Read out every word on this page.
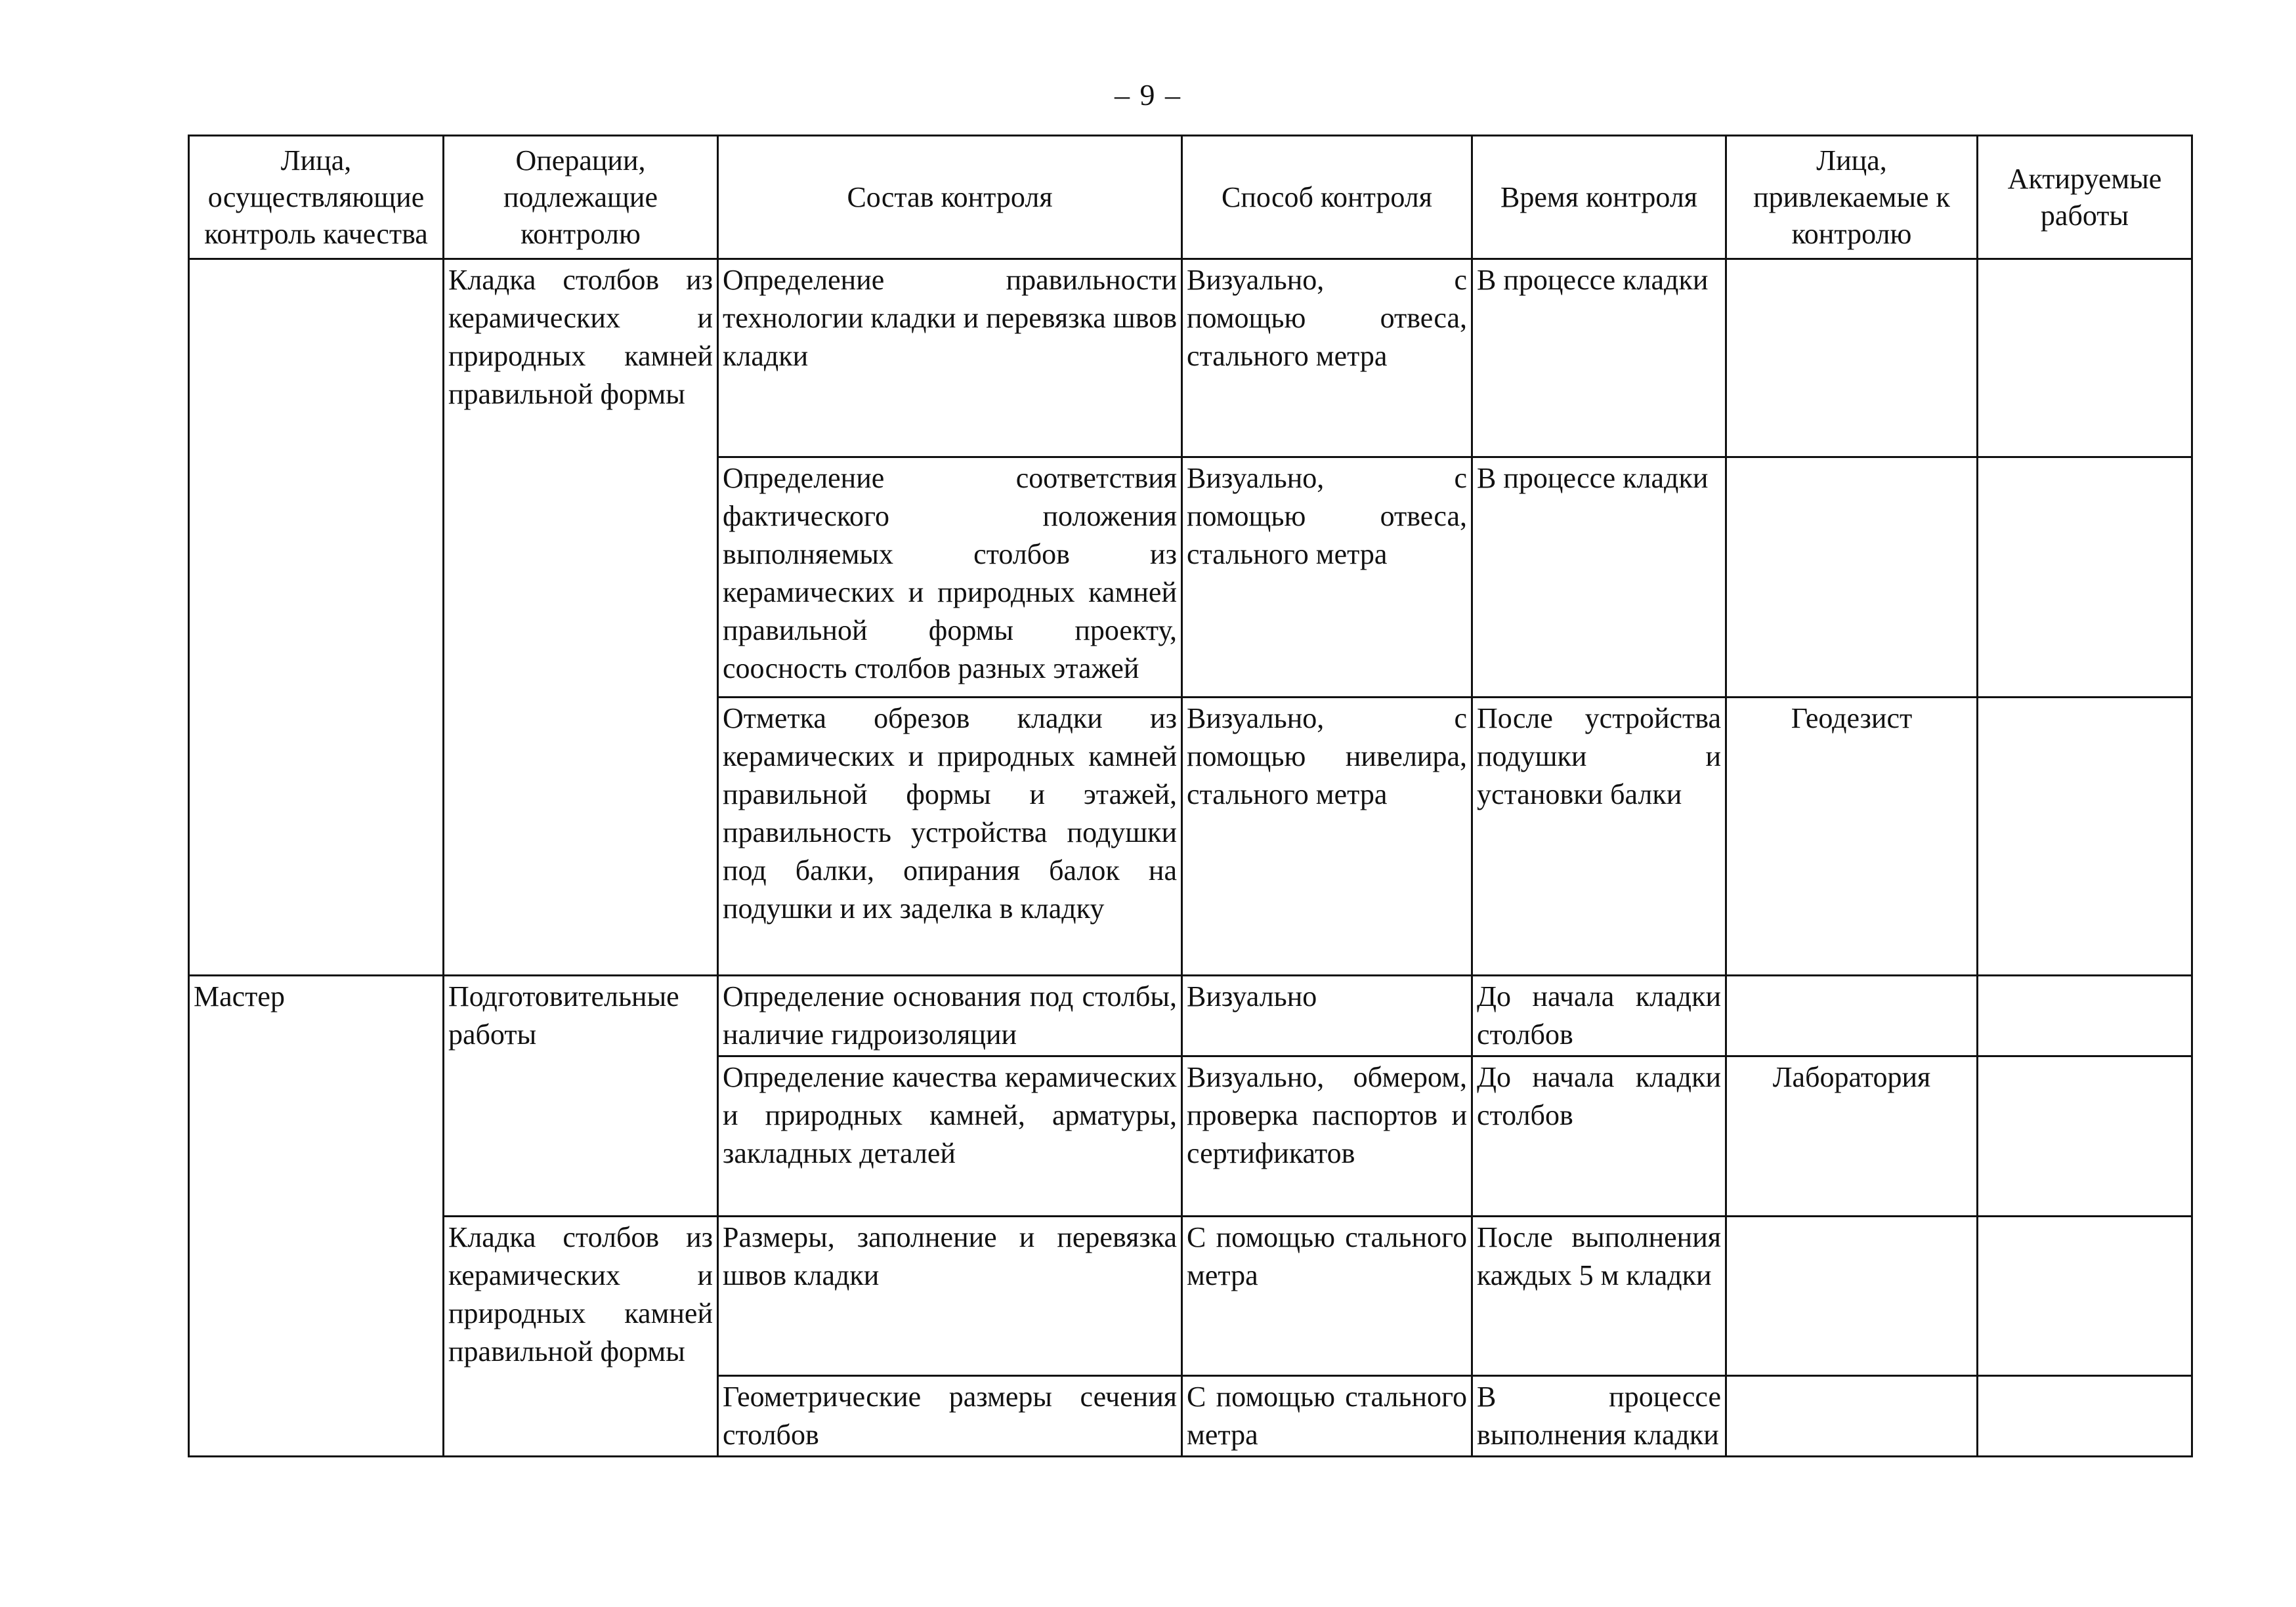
– 9 –
Лица, осуществляющие контроль качества	Операции, подлежащие контролю	Состав контроля	Способ контроля	Время контроля	Лица, привлекаемые к контролю	Актируемые работы
	Кладка столбов из керамических и природных камней правильной формы	Определение правильности технологии кладки и перевязка швов кладки	Визуально, с помощью отвеса, стального метра	В процессе кладки		
		Определение соответствия фактического положения выполняемых столбов из керамических и природных камней правильной формы проекту, соосность столбов разных этажей	Визуально, с помощью отвеса, стального метра	В процессе кладки		
		Отметка обрезов кладки из керамических и природных камней правильной формы и этажей, правильность устройства подушки под балки, опирания балок на подушки и их заделка в кладку	Визуально, с помощью нивелира, стального метра	После устройства подушки и установки балки	Геодезист	
Мастер	Подготовительные работы	Определение основания под столбы, наличие гидроизоляции	Визуально	До начала кладки столбов		
		Определение качества керамических и природных камней, арматуры, закладных деталей	Визуально, обмером, проверка паспортов и сертификатов	До начала кладки столбов	Лаборатория	
	Кладка столбов из керамических и природных камней правильной формы	Размеры, заполнение и перевязка швов кладки	С помощью стального метра	После выполнения каждых 5 м кладки		
		Геометрические размеры сечения столбов	С помощью стального метра	В процессе выполнения кладки		
